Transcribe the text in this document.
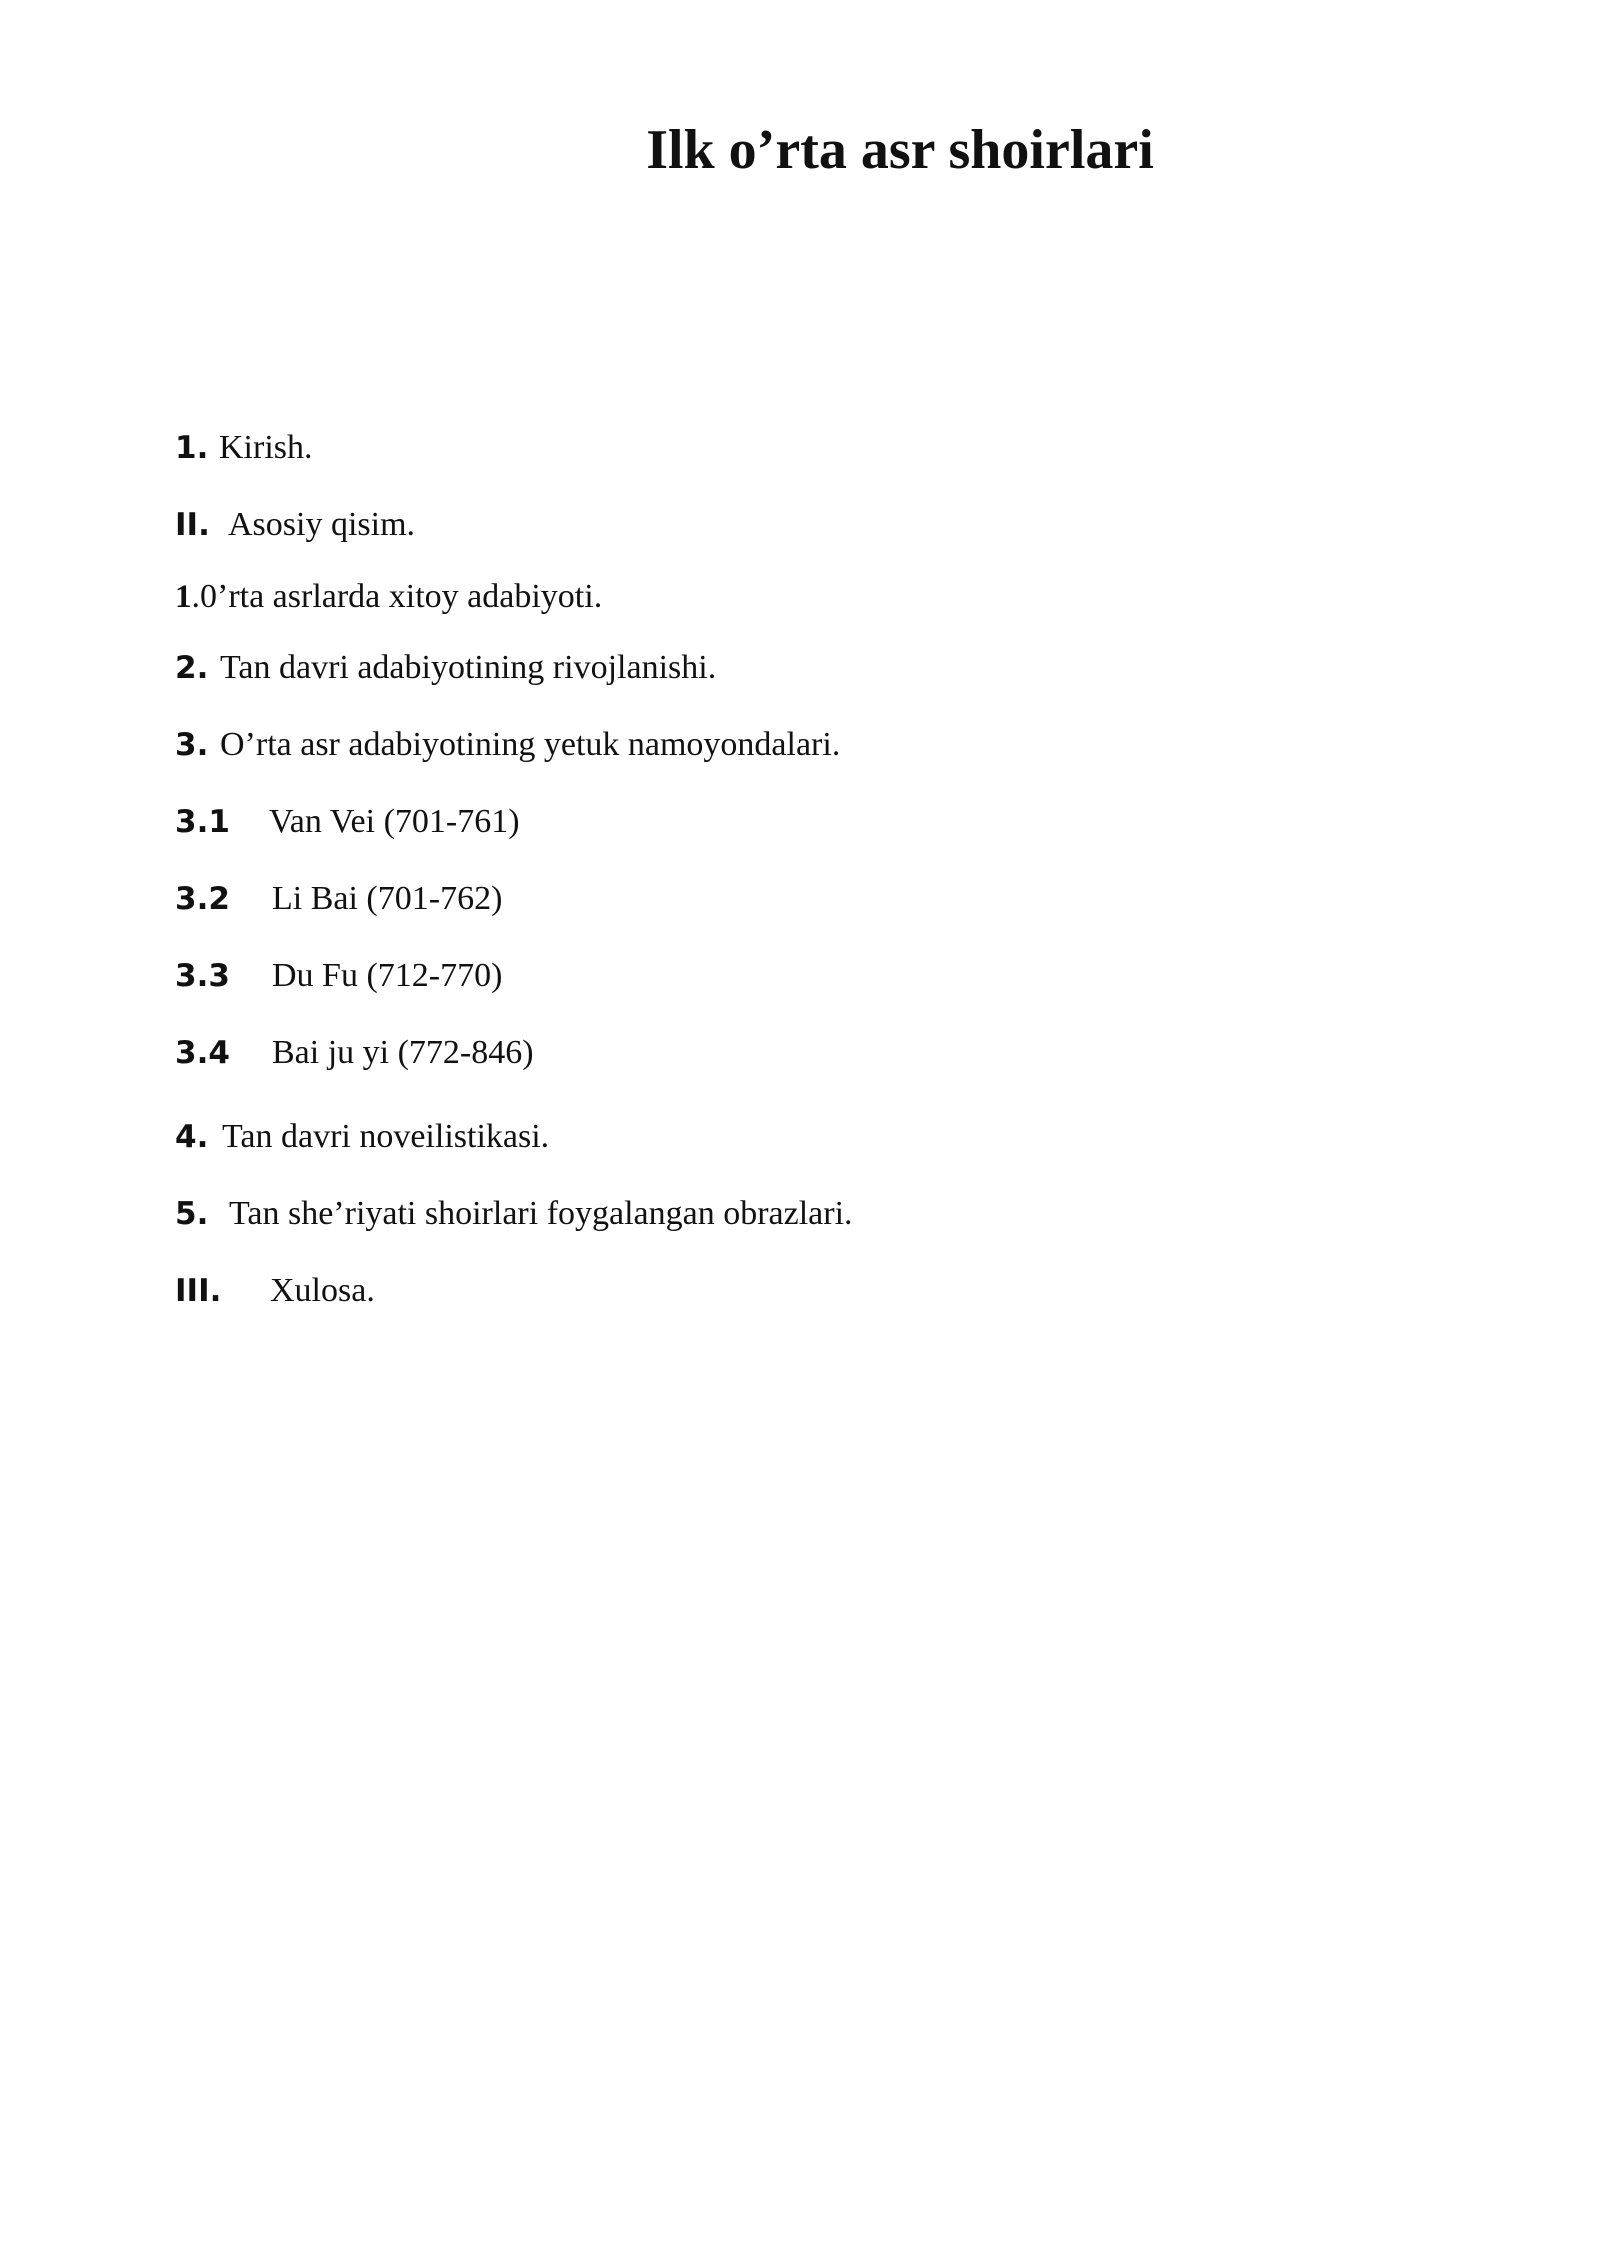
Ilk o’rta asr shoirlari
1. Kirish.
II. Asosiy qisim.
1.0’rta asrlarda xitoy adabiyoti.
2. Tan davri adabiyotining rivojlanishi.
3. O’rta asr adabiyotining yetuk namoyondalari.
3.1 Van Vei (701-761)
3.2 Li Bai (701-762)
3.3 Du Fu (712-770)
3.4 Bai ju yi (772-846)
4. Tan davri noveilistikasi.
5. Tan she’riyati shoirlari foygalangan obrazlari.
III. Xulosa.
